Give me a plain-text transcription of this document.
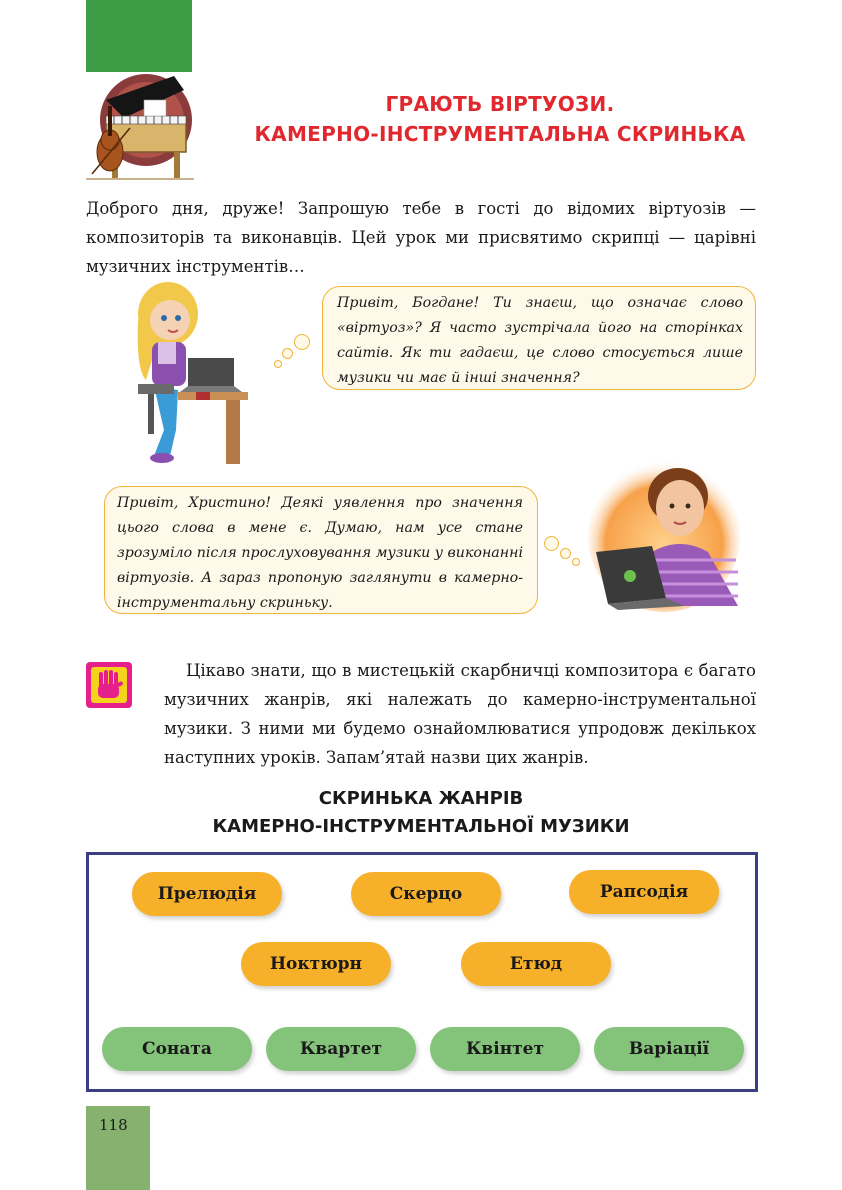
ГРАЮТЬ ВІРТУОЗИ.
КАМЕРНО-ІНСТРУМЕНТАЛЬНА СКРИНЬКА
Доброго дня, друже! Запрошую тебе в гості до відомих віртуозів — композиторів та виконавців. Цей урок ми присвятимо скрипці — царівні музичних інструментів…
Привіт, Богдане! Ти знаєш, що означає слово «віртуоз»? Я часто зустрічала його на сторінках сайтів. Як ти гадаєш, це слово стосується лише музики чи має й інші значення?
Привіт, Христино! Деякі уявлення про значення цього слова в мене є. Думаю, нам усе стане зрозуміло після прослуховування музики у виконанні віртуозів. А зараз пропоную заглянути в камерно-інструментальну скриньку.
Цікаво знати, що в мистецькій скарбничці композитора є багато музичних жанрів, які належать до камерно-інструментальної музики. З ними ми будемо ознайомлюватися упродовж декількох наступних уроків. Запам’ятай назви цих жанрів.
СКРИНЬКА ЖАНРІВ
КАМЕРНО-ІНСТРУМЕНТАЛЬНОЇ МУЗИКИ
Прелюдія	Скерцо	Рапсодія
Ноктюрн	Етюд
Соната	Квартет	Квінтет	Варіації
118
